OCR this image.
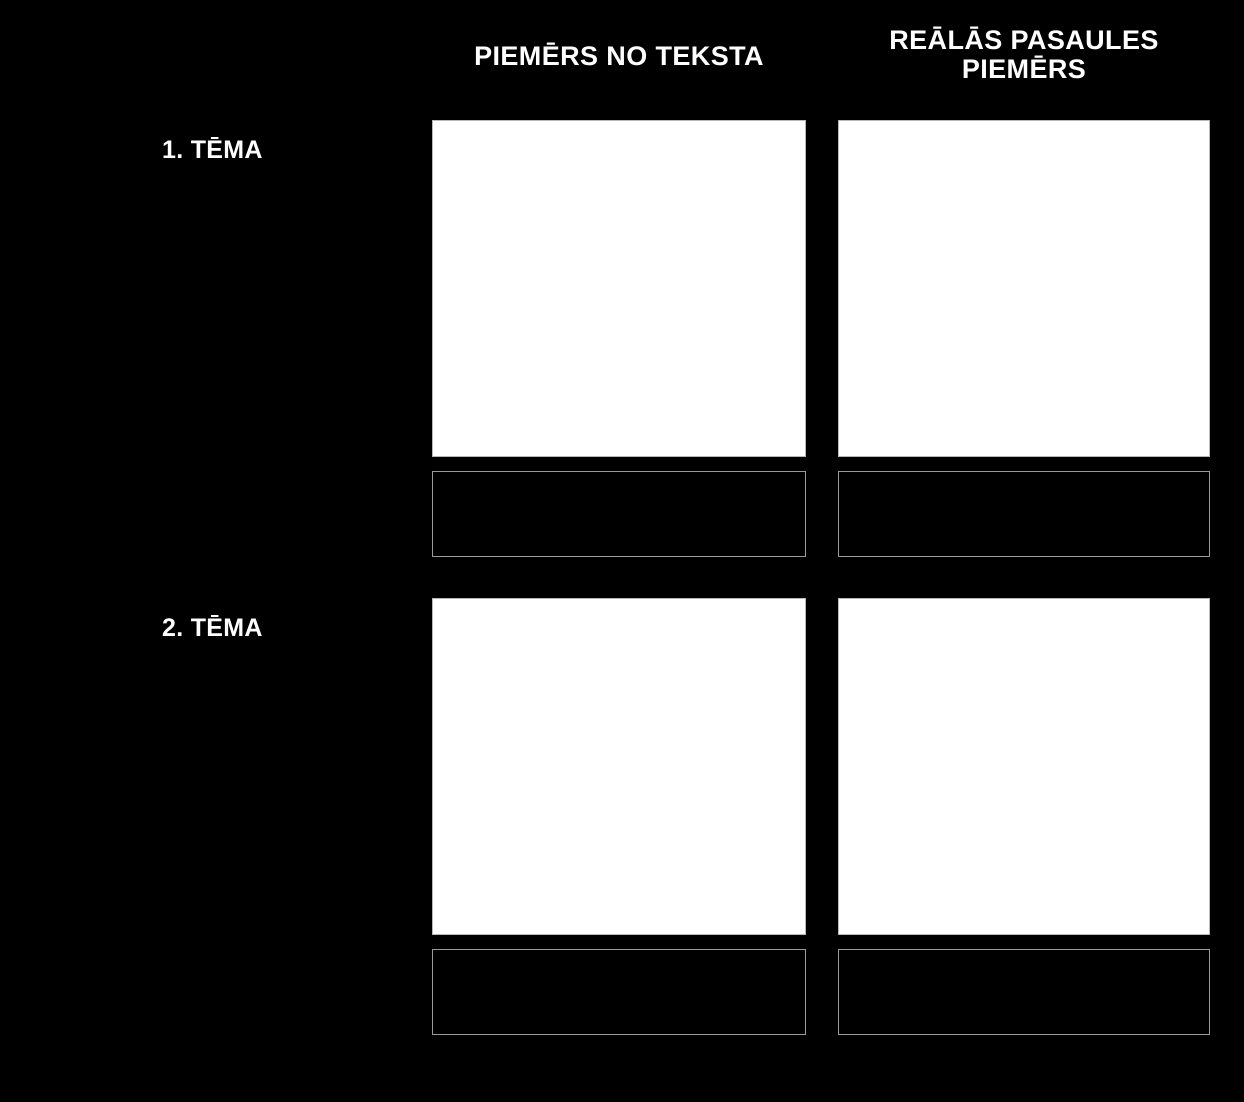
PIEMĒRS NO TEKSTA
REĀLĀS PASAULES PIEMĒRS
1. TĒMA
2. TĒMA
